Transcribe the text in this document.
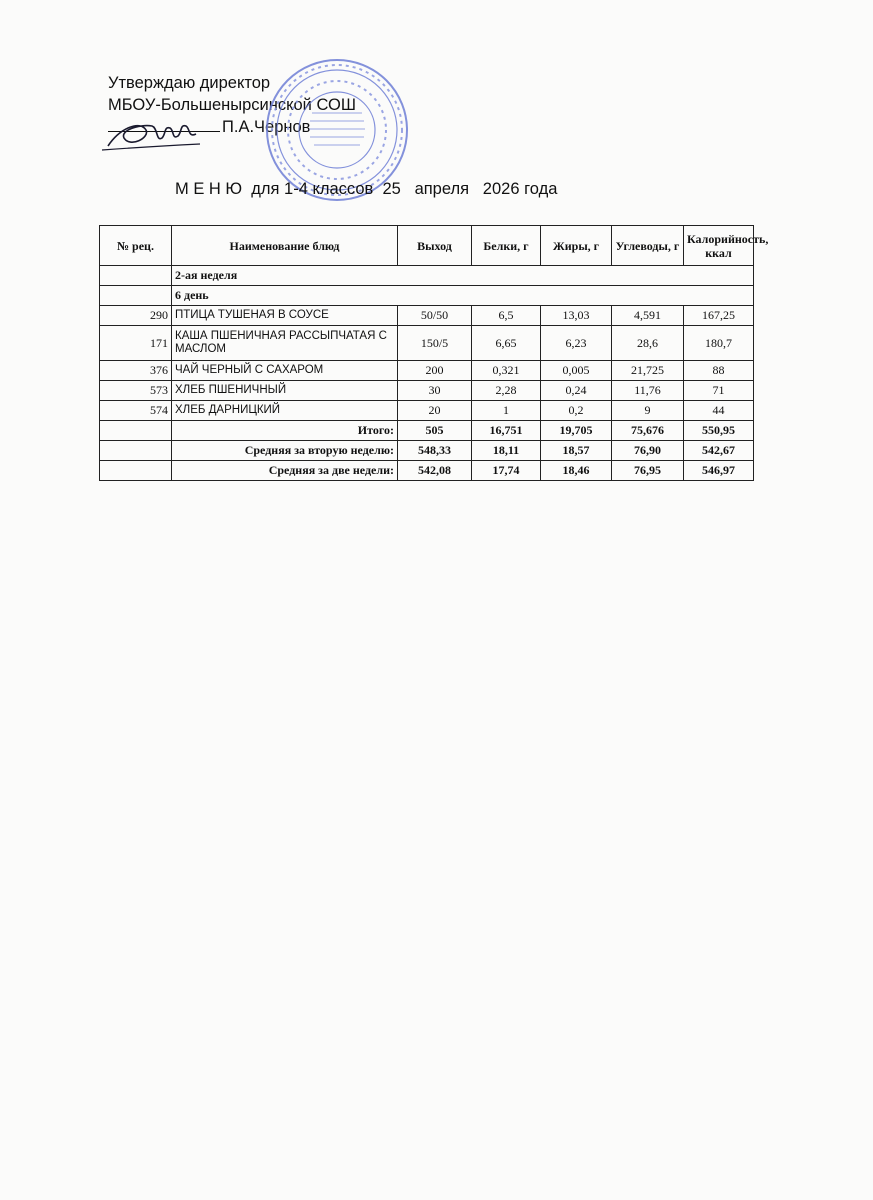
Утверждаю директор
МБОУ-Большеныpсинской СОШ
П.А.Чернов
М Е Н Ю  для 1-4 классов  25   апреля   2026 года
№ рец.	Наименование блюд	Выход	Белки, г	Жиры, г	Углеводы, г	Калорийность, ккал
	2-ая неделя					
	6 день					
290	ПТИЦА ТУШЕНАЯ В СОУСЕ	50/50	6,5	13,03	4,591	167,25
171	КАША ПШЕНИЧНАЯ РАССЫПЧАТАЯ С МАСЛОМ	150/5	6,65	6,23	28,6	180,7
376	ЧАЙ ЧЕРНЫЙ С САХАРОМ	200	0,321	0,005	21,725	88
573	ХЛЕБ ПШЕНИЧНЫЙ	30	2,28	0,24	11,76	71
574	ХЛЕБ ДАРНИЦКИЙ	20	1	0,2	9	44
	Итого:	505	16,751	19,705	75,676	550,95
	Средняя за вторую неделю:	548,33	18,11	18,57	76,90	542,67
	Средняя за две недели:	542,08	17,74	18,46	76,95	546,97
